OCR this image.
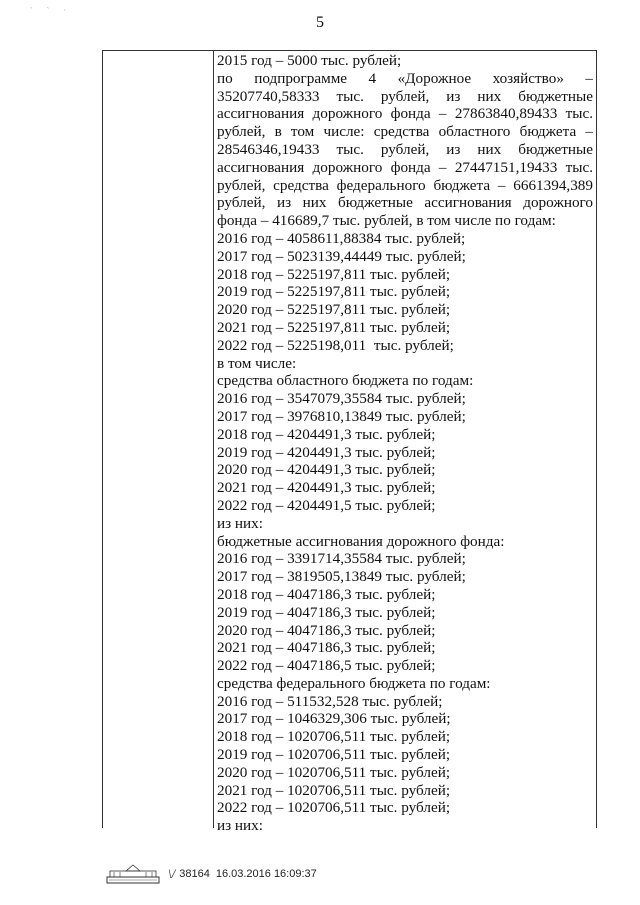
` ` ·
5
2015 год – 5000 тыс. рублей;
по подпрограмме 4 «Дорожное хозяйство» –
35207740,58333 тыс. рублей, из них бюджетные
ассигнования дорожного фонда – 27863840,89433 тыс.
рублей, в том числе: средства областного бюджета –
28546346,19433 тыс. рублей, из них бюджетные
ассигнования дорожного фонда – 27447151,19433 тыс.
рублей, средства федерального бюджета – 6661394,389
рублей, из них бюджетные ассигнования дорожного
фонда – 416689,7 тыс. рублей, в том числе по годам:
2016 год – 4058611,88384 тыс. рублей;
2017 год – 5023139,44449 тыс. рублей;
2018 год – 5225197,811 тыс. рублей;
2019 год – 5225197,811 тыс. рублей;
2020 год – 5225197,811 тыс. рублей;
2021 год – 5225197,811 тыс. рублей;
2022 год – 5225198,011  тыс. рублей;
в том числе:
средства областного бюджета по годам:
2016 год – 3547079,35584 тыс. рублей;
2017 год – 3976810,13849 тыс. рублей;
2018 год – 4204491,3 тыс. рублей;
2019 год – 4204491,3 тыс. рублей;
2020 год – 4204491,3 тыс. рублей;
2021 год – 4204491,3 тыс. рублей;
2022 год – 4204491,5 тыс. рублей;
из них:
бюджетные ассигнования дорожного фонда:
2016 год – 3391714,35584 тыс. рублей;
2017 год – 3819505,13849 тыс. рублей;
2018 год – 4047186,3 тыс. рублей;
2019 год – 4047186,3 тыс. рублей;
2020 год – 4047186,3 тыс. рублей;
2021 год – 4047186,3 тыс. рублей;
2022 год – 4047186,5 тыс. рублей;
средства федерального бюджета по годам:
2016 год – 511532,528 тыс. рублей;
2017 год – 1046329,306 тыс. рублей;
2018 год – 1020706,511 тыс. рублей;
2019 год – 1020706,511 тыс. рублей;
2020 год – 1020706,511 тыс. рублей;
2021 год – 1020706,511 тыс. рублей;
2022 год – 1020706,511 тыс. рублей;
из них:
\/ 38164 16.03.2016 16:09:37
